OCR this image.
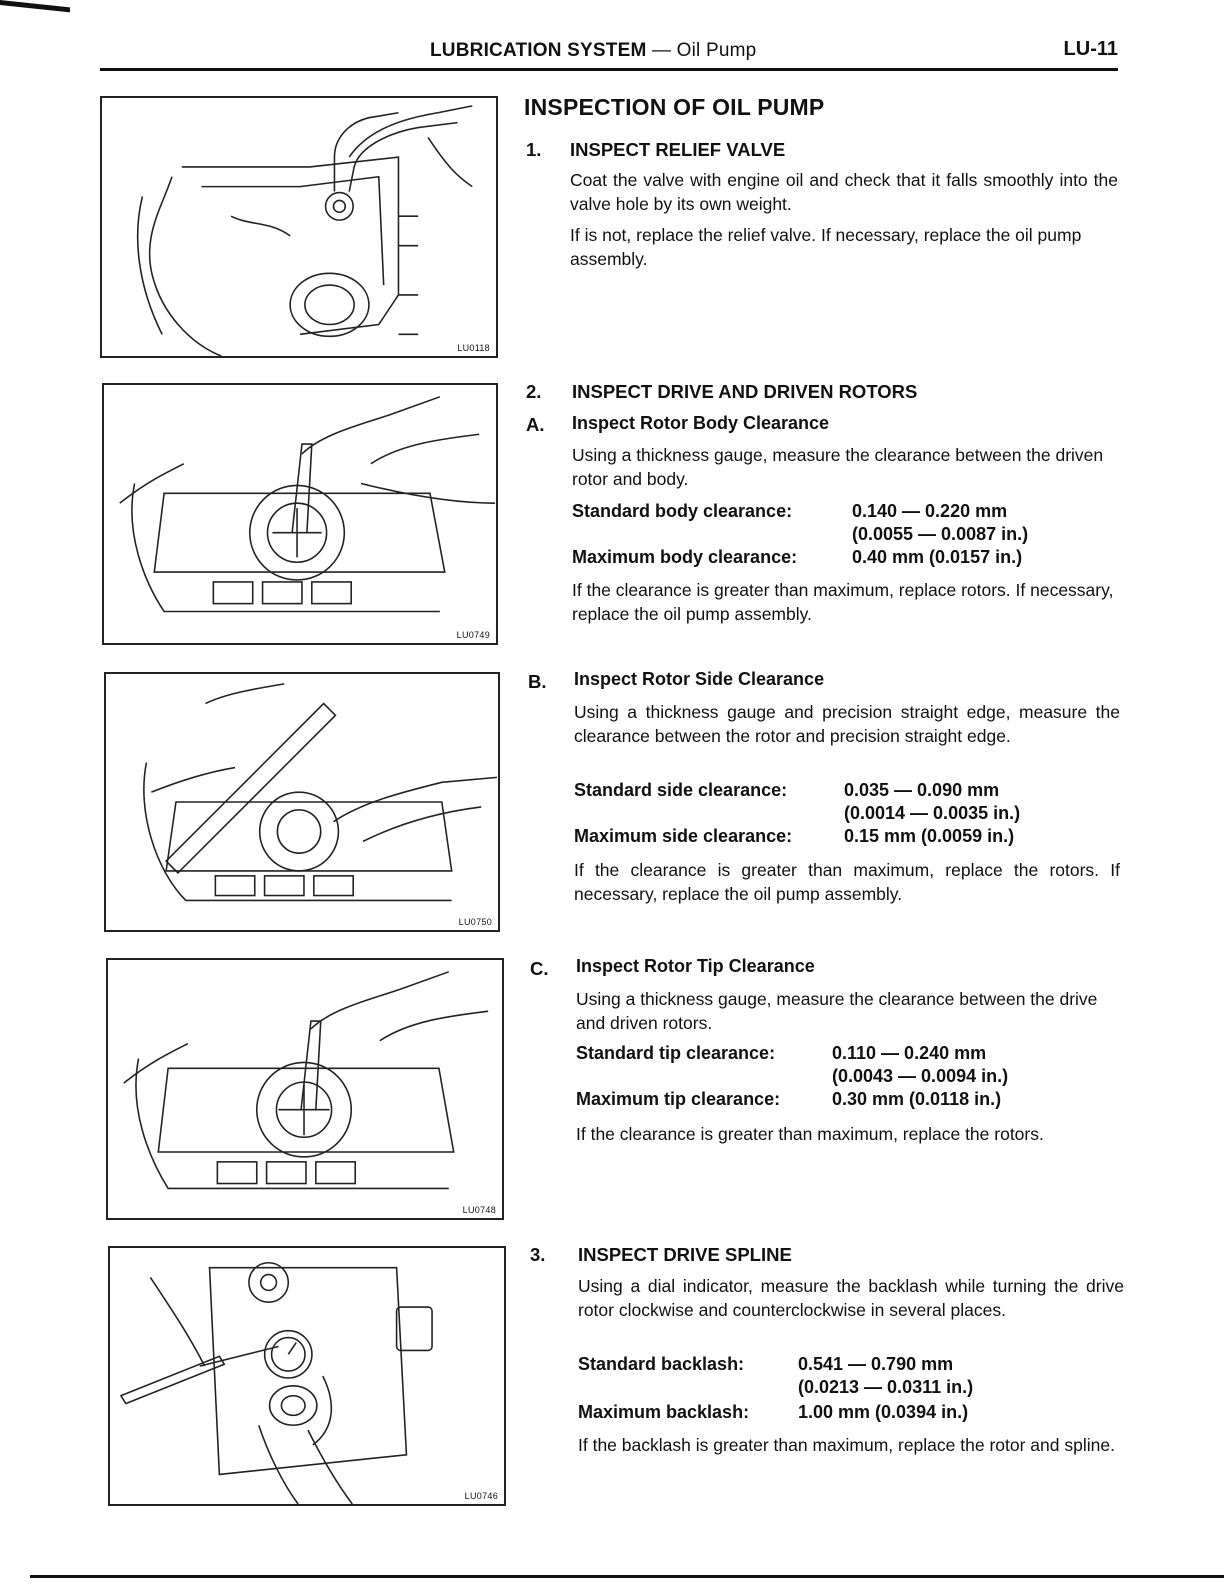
LUBRICATION SYSTEM — Oil Pump	LU-11
LU0118
LU0749
LU0750
LU0748
LU0746
INSPECTION OF OIL PUMP
1. INSPECT RELIEF VALVE
Coat the valve with engine oil and check that it falls smoothly into the valve hole by its own weight.
If is not, replace the relief valve. If necessary, replace the oil pump assembly.
2. INSPECT DRIVE AND DRIVEN ROTORS
A. Inspect Rotor Body Clearance
Using a thickness gauge, measure the clearance between the driven rotor and body.
Standard body clearance:	0.140 — 0.220 mm
(0.0055 — 0.0087 in.)
Maximum body clearance:	0.40 mm (0.0157 in.)
If the clearance is greater than maximum, replace rotors. If necessary, replace the oil pump assembly.
B. Inspect Rotor Side Clearance
Using a thickness gauge and precision straight edge, measure the clearance between the rotor and precision straight edge.
Standard side clearance:	0.035 — 0.090 mm
(0.0014 — 0.0035 in.)
Maximum side clearance:	0.15 mm (0.0059 in.)
If the clearance is greater than maximum, replace the rotors. If necessary, replace the oil pump assembly.
C. Inspect Rotor Tip Clearance
Using a thickness gauge, measure the clearance between the drive and driven rotors.
Standard tip clearance:	0.110 — 0.240 mm
(0.0043 — 0.0094 in.)
Maximum tip clearance:	0.30 mm (0.0118 in.)
If the clearance is greater than maximum, replace the rotors.
3. INSPECT DRIVE SPLINE
Using a dial indicator, measure the backlash while turning the drive rotor clockwise and counterclockwise in several places.
Standard backlash:	0.541 — 0.790 mm
(0.0213 — 0.0311 in.)
Maximum backlash:	1.00 mm (0.0394 in.)
If the backlash is greater than maximum, replace the rotor and spline.
